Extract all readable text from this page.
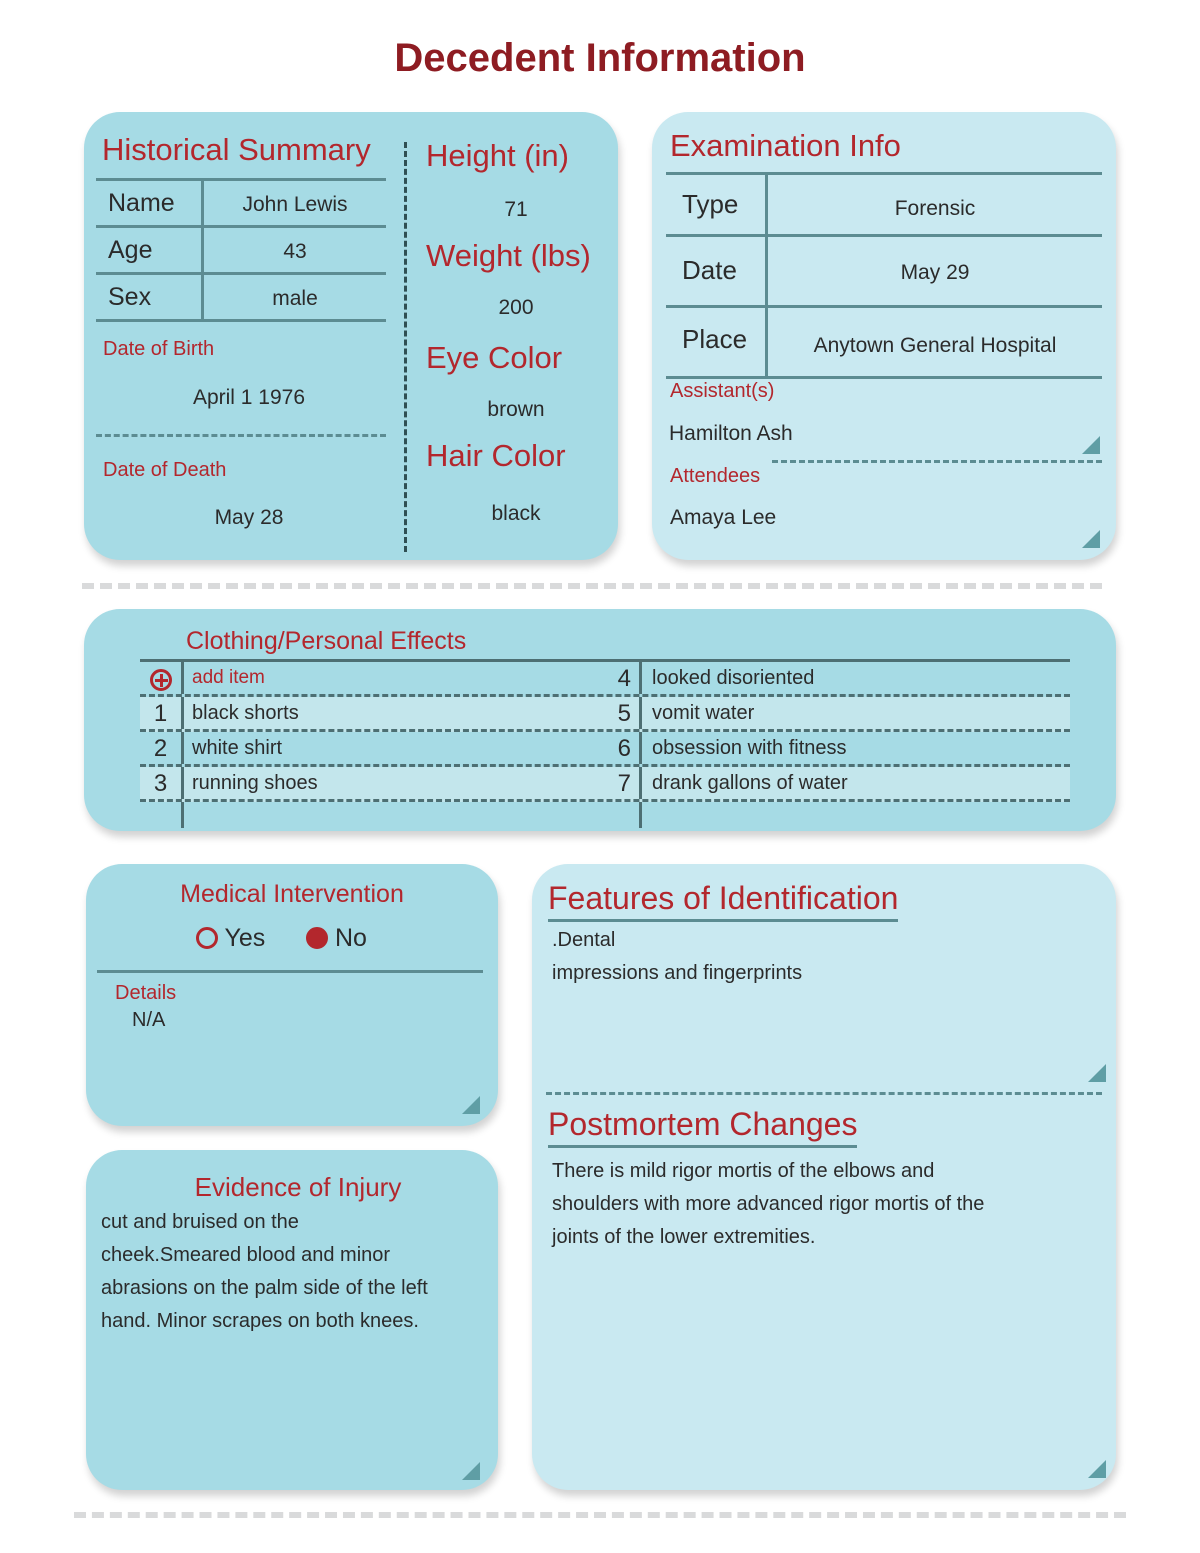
Decedent Information
Historical Summary
Name	John Lewis
Age	43
Sex	male
Date of Birth
April 1 1976
Date of Death
May 28
Height (in)
71
Weight (lbs)
200
Eye Color
brown
Hair Color
black
Examination Info
Type	Forensic
Date	May 29
Place	Anytown General Hospital
Assistant(s)
Hamilton Ash
Attendees
Amaya Lee
Clothing/Personal Effects
add item	4	looked disoriented
1	black shorts	5	vomit water
2	white shirt	6	obsession with fitness
3	running shoes	7	drank gallons of water
Medical Intervention
Yes	No
Details
N/A
Evidence of Injury
cut and bruised on the
cheek.Smeared blood and minor
abrasions on the palm side of the left
hand. Minor scrapes on both knees.
Features of Identification
.Dental
impressions and fingerprints
Postmortem Changes
There is mild rigor mortis of the elbows and
shoulders with more advanced rigor mortis of the
joints of the lower extremities.
